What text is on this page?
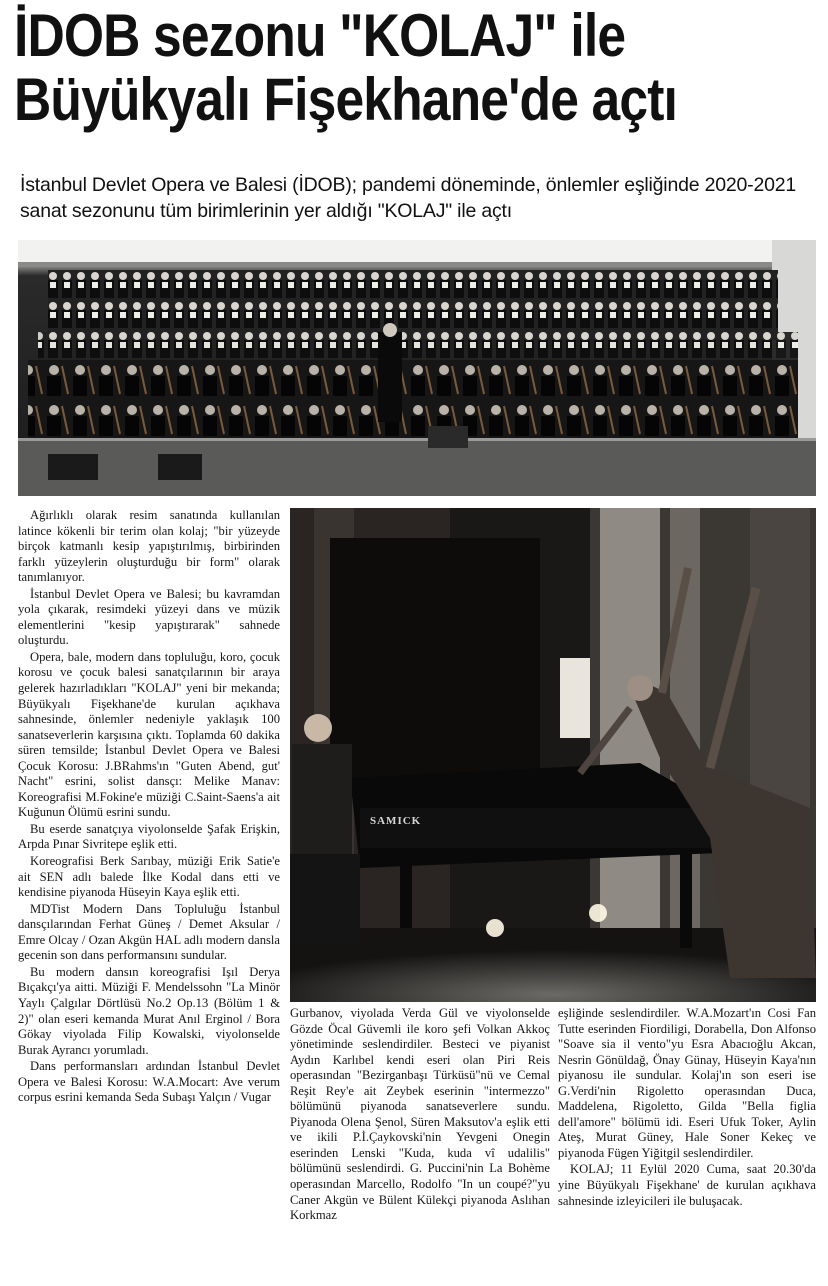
İDOB sezonu "KOLAJ" ile
Büyükyalı Fişekhane'de açtı
İstanbul Devlet Opera ve Balesi (İDOB); pandemi döneminde, önlemler eşliğinde 2020-2021 sanat sezonunu tüm birimlerinin yer aldığı "KOLAJ" ile açtı
SAMICK

Ağırlıklı olarak resim sanatında kullanılan latince kökenli bir terim olan kolaj; "bir yüzeyde birçok katmanlı kesip yapıştırılmış, birbirinden farklı yüzeylerin oluşturduğu bir form" olarak tanımlanıyor.

İstanbul Devlet Opera ve Balesi; bu kavramdan yola çıkarak, resimdeki yüzeyi dans ve müzik elementlerini "kesip yapıştırarak" sahnede oluşturdu.

Opera, bale, modern dans topluluğu, koro, çocuk korosu ve çocuk balesi sanatçılarının bir araya gelerek hazırladıkları "KOLAJ" yeni bir mekanda; Büyükyalı Fişekhane'de kurulan açıkhava sahnesinde, önlemler nedeniyle yaklaşık 100 sanatseverlerin karşısına çıktı. Toplamda 60 dakika süren temsilde; İstanbul Devlet Opera ve Balesi Çocuk Korosu: J.BRahms'ın "Guten Abend, gut' Nacht" esrini, solist dansçı: Melike Manav: Koreografisi M.Fokine'e müziği C.Saint-Saens'a ait Kuğunun Ölümü esrini sundu.

Bu eserde sanatçıya viyolonselde Şafak Erişkin, Arpda Pınar Sivritepe eşlik etti.

Koreografisi Berk Sarıbay, müziği Erik Satie'e ait SEN adlı balede İlke Kodal dans etti ve kendisine piyanoda Hüseyin Kaya eşlik etti.

MDTist Modern Dans Topluluğu İstanbul dansçılarından Ferhat Güneş / Demet Aksular / Emre Olcay / Ozan Akgün HAL adlı modern dansla gecenin son dans performansını sundular.

Bu modern dansın koreografisi Işıl Derya Bıçakçı'ya aitti. Müziği F. Mendelssohn "La Minör Yaylı Çalgılar Dörtlüsü No.2 Op.13 (Bölüm 1 & 2)" olan eseri kemanda Murat Anıl Erginol / Bora Gökay viyolada Filip Kowalski, viyolonselde Burak Ayrancı yorumladı.

Dans performansları ardından İstanbul Devlet Opera ve Balesi Korosu: W.A.Mocart: Ave verum corpus esrini kemanda Seda Subaşı Yalçın / Vugar

Gurbanov, viyolada Verda Gül ve viyolonselde Gözde Öcal Güvemli ile koro şefi Volkan Akkoç yönetiminde seslendirdiler. Besteci ve piyanist Aydın Karlıbel kendi eseri olan Piri Reis operasından "Bezirganbaşı Türküsü"nü ve Cemal Reşit Rey'e ait Zeybek eserinin "intermezzo" bölümünü piyanoda sanatseverlere sundu. Piyanoda Olena Şenol, Süren Maksutov'a eşlik etti ve ikili P.İ.Çaykovski'nin Yevgeni Onegin eserinden Lenski "Kuda, kuda vî udalilis" bölümünü seslendirdi. G. Puccini'nin La Bohème operasından Marcello, Rodolfo "In un coupé?"yu Caner Akgün ve Bülent Külekçi piyanoda Aslıhan Korkmaz

eşliğinde seslendirdiler. W.A.Mozart'ın Cosi Fan Tutte eserinden Fiordiligi, Dorabella, Don Alfonso "Soave sia il vento"yu Esra Abacıoğlu Akcan, Nesrin Gönüldağ, Önay Günay, Hüseyin Kaya'nın piyanosu ile sundular. Kolaj'ın son eseri ise G.Verdi'nin Rigoletto operasından Duca, Maddelena, Rigoletto, Gilda "Bella figlia dell'amore" bölümü idi. Eseri Ufuk Toker, Aylin Ateş, Murat Güney, Hale Soner Kekeç ve piyanoda Fügen Yiğitgil seslendirdiler.

KOLAJ; 11 Eylül 2020 Cuma, saat 20.30'da yine Büyükyalı Fişekhane' de kurulan açıkhava sahnesinde izleyicileri ile buluşacak.
